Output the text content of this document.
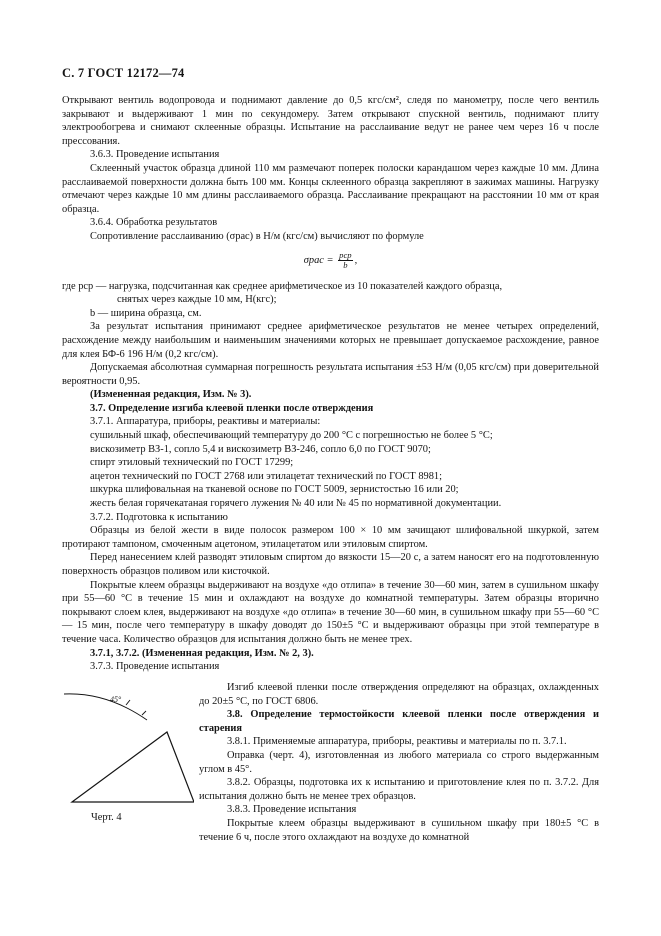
С. 7 ГОСТ 12172—74

Открывают вентиль водопровода и поднимают давление до 0,5 кгс/см², следя по манометру, после чего вентиль закрывают и выдерживают 1 мин по секундомеру. Затем открывают спускной вентиль, поднимают плиту электрообогрева и снимают склеенные образцы. Испытание на расслаивание ведут не ранее чем через 16 ч после прессования.

3.6.3. Проведение испытания

Склеенный участок образца длиной 110 мм размечают поперек полоски карандашом через каждые 10 мм. Длина расслаиваемой поверхности должна быть 100 мм. Концы склеенного образца закрепляют в зажимах машины. Нагрузку отмечают через каждые 10 мм длины расслаиваемого образца. Расслаивание прекращают на расстоянии 10 мм от края образца.

3.6.4. Обработка результатов

Сопротивление расслаиванию (σрас) в Н/м (кгс/см) вычисляют по формуле

$\sigma рас = \frac{\text{pср}}{b}$ ,

где pср — нагрузка, подсчитанная как среднее арифметическое из 10 показателей каждого образца,

снятых через каждые 10 мм, Н(кгс);

b — ширина образца, см.

За результат испытания принимают среднее арифметическое результатов не менее четырех определений, расхождение между наибольшим и наименьшим значениями которых не превышает допускаемое расхождение, равное для клея БФ-6 196 Н/м (0,2 кгс/см).

Допускаемая абсолютная суммарная погрешность результата испытания ±53 Н/м (0,05 кгс/см) при доверительной вероятности 0,95.

(Измененная редакция, Изм. № 3).

3.7. Определение изгиба клеевой пленки после отверждения

3.7.1. Аппаратура, приборы, реактивы и материалы:

сушильный шкаф, обеспечивающий температуру до 200 °С с погрешностью не более 5 °С;

вискозиметр ВЗ-1, сопло 5,4 и вискозиметр ВЗ-246, сопло 6,0 по ГОСТ 9070;

спирт этиловый технический по ГОСТ 17299;

ацетон технический по ГОСТ 2768 или этилацетат технический по ГОСТ 8981;

шкурка шлифовальная на тканевой основе по ГОСТ 5009, зернистостью 16 или 20;

жесть белая горячекатаная горячего лужения № 40 или № 45 по нормативной документации.

3.7.2. Подготовка к испытанию

Образцы из белой жести в виде полосок размером 100 × 10 мм зачищают шлифовальной шкуркой, затем протирают тампоном, смоченным ацетоном, этилацетатом или этиловым спиртом.

Перед нанесением клей разводят этиловым спиртом до вязкости 15—20 с, а затем наносят его на подготовленную поверхность образцов поливом или кисточкой.

Покрытые клеем образцы выдерживают на воздухе «до отлипа» в течение 30—60 мин, затем в сушильном шкафу при 55—60 °С в течение 15 мин и охлаждают на воздухе до комнатной температуры. Затем образцы вторично покрывают слоем клея, выдерживают на воздухе «до отлипа» в течение 30—60 мин, в сушильном шкафу при 55—60 °С — 15 мин, после чего температуру в шкафу доводят до 150±5 °С и выдерживают образцы при этой температуре в течение часа. Количество образцов для испытания должно быть не менее трех.

3.7.1, 3.7.2. (Измененная редакция, Изм. № 2, 3).

3.7.3. Проведение испытания

Изгиб клеевой пленки после отверждения определяют на образцах, охлажденных до 20±5 °С, по ГОСТ 6806.

3.8. Определение термостойкости клеевой пленки после отверждения и старения

3.8.1. Применяемые аппаратура, приборы, реактивы и материалы по п. 3.7.1.

Оправка (черт. 4), изготовленная из любого материала со строго выдержанным углом в 45°.

3.8.2. Образцы, подготовка их к испытанию и приготовление клея по п. 3.7.2. Для испытания должно быть не менее трех образцов.

3.8.3. Проведение испытания

Покрытые клеем образцы выдерживают в сушильном шкафу при 180±5 °С в течение 6 ч, после этого охлаждают на воздухе до комнатной

45°
Черт. 4
